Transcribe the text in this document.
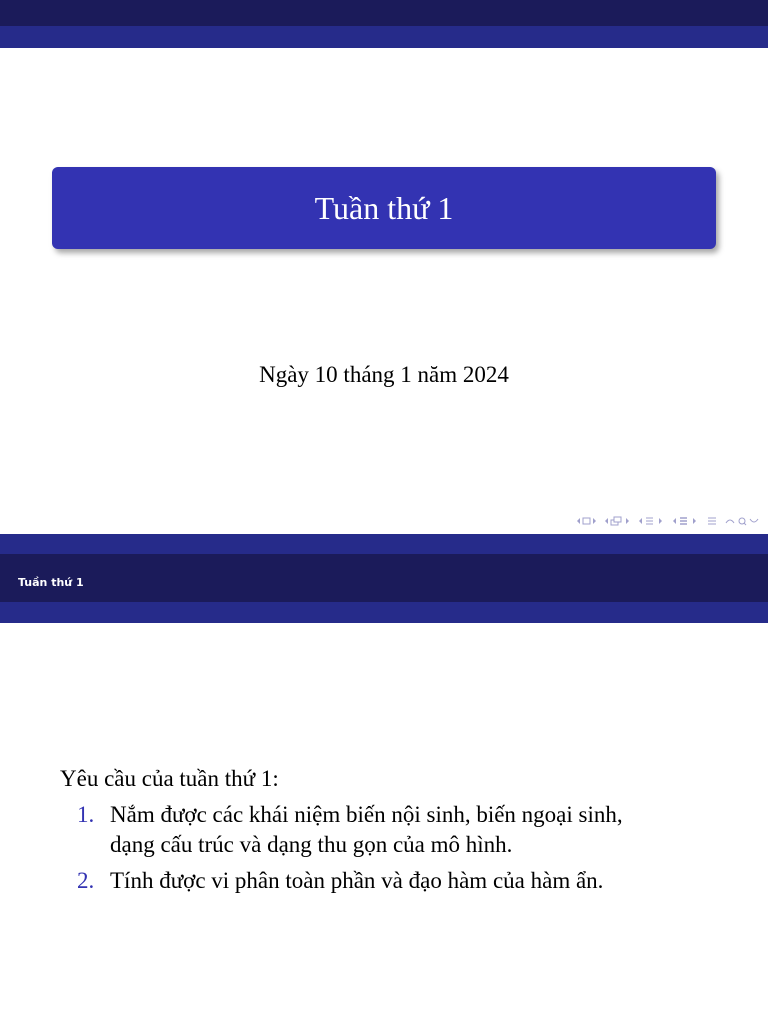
Tuần thứ 1
Ngày 10 tháng 1 năm 2024
Tuần thứ 1
Yêu cầu của tuần thứ 1:
1. Nắm được các khái niệm biến nội sinh, biến ngoại sinh,
dạng cấu trúc và dạng thu gọn của mô hình.
2. Tính được vi phân toàn phần và đạo hàm của hàm ẩn.
